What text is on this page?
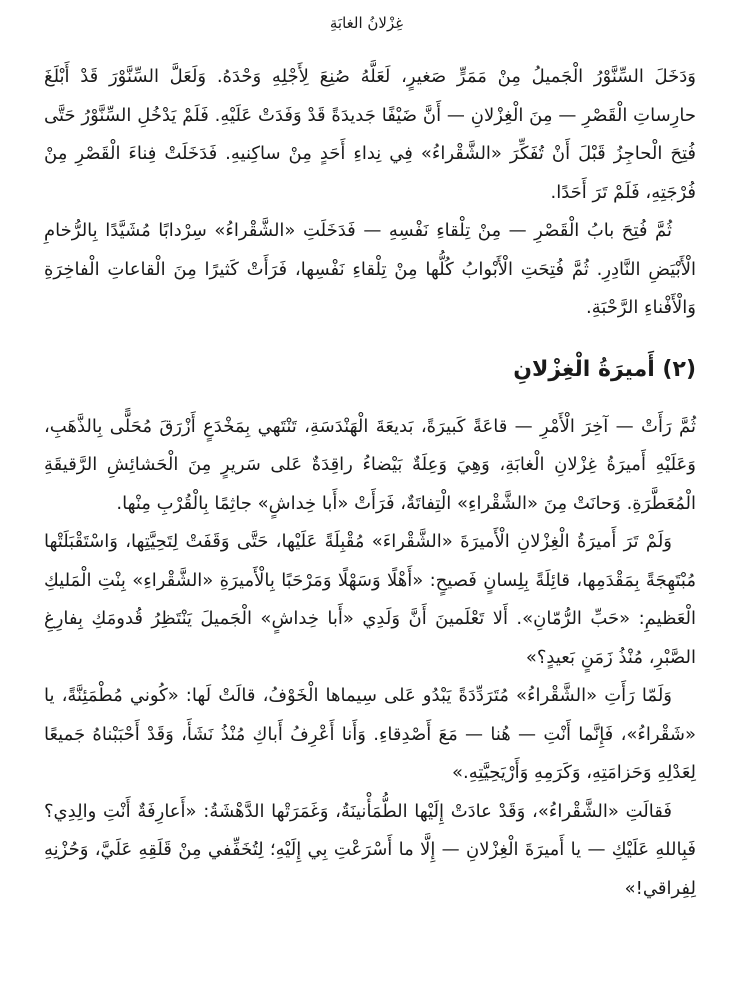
غِزْلانُ الغابَةِ

وَدَخَلَ السِّنَّوْرُ الْجَميلُ مِنْ مَمَرٍّ صَغيرٍ، لَعَلَّهُ صُنِعَ لِأَجْلِهِ وَحْدَهُ. وَلَعَلَّ السِّنَّوْرَ قَدْ أَبْلَغَ حارِساتِ الْقَصْرِ — مِنَ الْغِزْلانِ — أَنَّ ضَيْفًا جَديدَةً قَدْ وَفَدَتْ عَلَيْهِ. فَلَمْ يَدْخُلِ السِّنَّوْرُ حَتَّى فُتِحَ الْحاجِزُ قَبْلَ أَنْ تُفَكِّرَ «الشَّقْراءُ» فِي نِداءِ أَحَدٍ مِنْ ساكِنيهِ. فَدَخَلَتْ فِناءَ الْقَصْرِ مِنْ فُرْجَتِهِ، فَلَمْ تَرَ أَحَدًا.

ثُمَّ فُتِحَ بابُ الْقَصْرِ — مِنْ تِلْقاءِ نَفْسِهِ — فَدَخَلَتِ «الشَّقْراءُ» سِرْدابًا مُشَيَّدًا بِالرُّخامِ الْأَبْيَضِ النَّادِرِ. ثُمَّ فُتِحَتِ الْأَبْوابُ كُلُّها مِنْ تِلْقاءِ نَفْسِها، فَرَأَتْ كَثيرًا مِنَ الْقاعاتِ الْفاخِرَةِ وَالْأَفْناءِ الرَّحْبَةِ.

(٢) أَميرَةُ الْغِزْلانِ

ثُمَّ رَأَتْ — آخِرَ الْأَمْرِ — قاعَةً كَبيرَةً، بَديعَةَ الْهَنْدَسَةِ، تَنْتَهي بِمَخْدَعٍ أَزْرَقَ مُحَلًّى بِالذَّهَبِ، وَعَلَيْهِ أَميرَةُ غِزْلانِ الْغابَةِ، وَهِيَ وَعِلَةٌ بَيْضاءُ راقِدَةٌ عَلى سَريرٍ مِنَ الْحَشائِشِ الرَّقيقَةِ الْمُعَطَّرَةِ. وَحانَتْ مِنَ «الشَّقْراءِ» الْتِفاتَةٌ، فَرَأَتْ «أَبا خِداشٍ» جاثِمًا بِالْقُرْبِ مِنْها.

وَلَمْ تَرَ أَميرَةُ الْغِزْلانِ الْأَميرَةَ «الشَّقْراءَ» مُقْبِلَةً عَلَيْها، حَتَّى وَقَفَتْ لِتَحِيَّتِها، وَاسْتَقْبَلَتْها مُبْتَهِجَةً بِمَقْدَمِها، قائِلَةً بِلِسانٍ فَصيحٍ: «أَهْلًا وَسَهْلًا وَمَرْحَبًا بِالْأَميرَةِ «الشَّقْراءِ» بِنْتِ الْمَليكِ الْعَظيمِ: «حَبِّ الرُّمّانِ». أَلا تَعْلَمينَ أَنَّ وَلَدِي «أَبا خِداشٍ» الْجَميلَ يَنْتَظِرُ قُدومَكِ بِفارِغِ الصَّبْرِ، مُنْذُ زَمَنٍ بَعيدٍ؟»

وَلَمّا رَأَتِ «الشَّقْراءُ» مُتَرَدِّدَةً يَبْدُو عَلى سِيماها الْخَوْفُ، قالَتْ لَها: «كُوني مُطْمَئِنَّةً، يا «شَقْراءُ»، فَإِنَّما أَنْتِ — هُنا — مَعَ أَصْدِقاءِ. وَأَنا أَعْرِفُ أَباكِ مُنْذُ نَشَأَ، وَقَدْ أَحْبَبْناهُ جَميعًا لِعَدْلِهِ وَحَزامَتِهِ، وَكَرَمِهِ وَأَرْيَحِيَّتِهِ.»

فَقالَتِ «الشَّقْراءُ»، وَقَدْ عادَتْ إِلَيْها الطُّمَأْنينَةُ، وَغَمَرَتْها الدَّهْشَةُ: «أَعارِفَةٌ أَنْتِ والِدِي؟ فَبِاللهِ عَلَيْكِ — يا أَميرَةَ الْغِزْلانِ — إِلَّا ما أَسْرَعْتِ بِي إِلَيْهِ؛ لِتُخَفِّفي مِنْ قَلَقِهِ عَلَيَّ، وَحُزْنِهِ لِفِراقي!»
